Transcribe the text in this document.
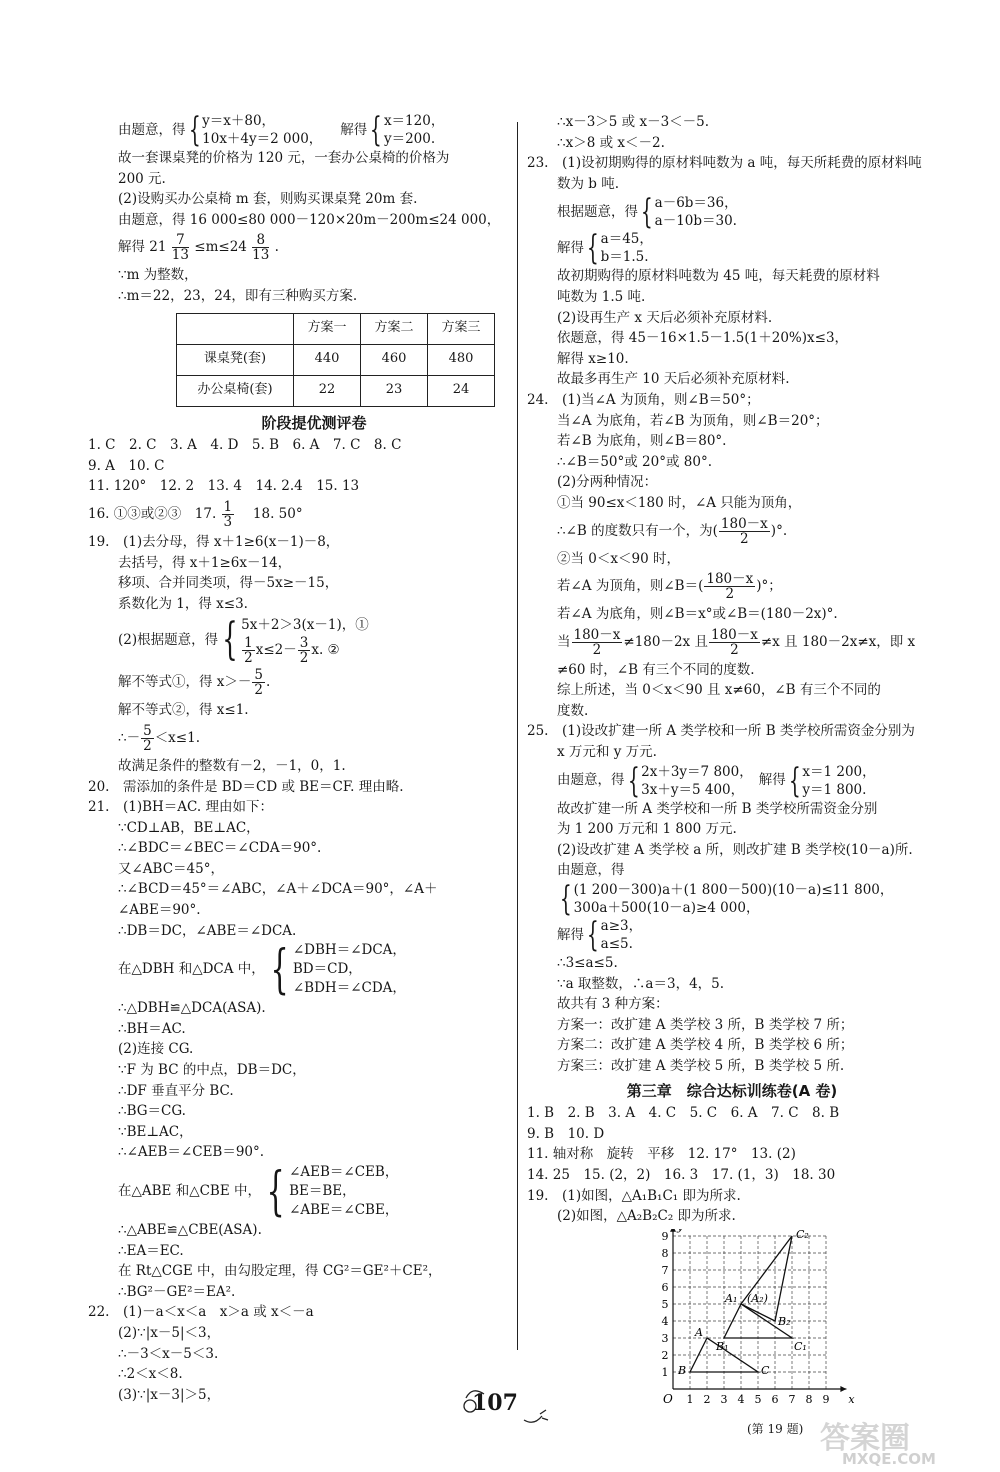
由题意，得 { y＝x＋80，
10x＋4y＝2 000，
解得 { x＝120，
y＝200.
故一套课桌凳的价格为 120 元，一套办公桌椅的价格为
200 元.
(2)设购买办公桌椅 m 套，则购买课桌凳 20m 套.
由题意，得 16 000≤80 000－120×20m－200m≤24 000，
解得 $21 \frac{7}{13} \le m\le 24 \frac{8}{13}$ .
∵m 为整数，
∴m＝22，23，24，即有三种购买方案.
	方案一	方案二	方案三
课桌凳(套)	440	460	480
办公桌椅(套)	22	23	24
阶段提优测评卷
1. C　2. C　3. A　4. D　5. B　6. A　7. C　8. C
9. A　10. C
11. 120°　12. 2　13. 4　14. 2.4　15. 13
16. ①③或②③　17. $\frac{1}{3}$ 　18. 50°
19.　(1)去分母，得 x＋1≥6(x－1)－8，
去括号，得 x＋1≥6x－14，
移项、合并同类项，得－5x≥－15，
系数化为 1，得 x≤3.
(2)根据题意，得 { 5x＋2＞3(x－1)，①
$\frac{1}{2} x\le 2- \frac{3}{2} x$. ②
解不等式①，得 $x>- \frac{5}{2}$ .
解不等式②，得 x≤1.
∴－ $\frac{5}{2} <x\le 1$.
故满足条件的整数有－2，－1，0，1.
20.　需添加的条件是 BD＝CD 或 BE＝CF. 理由略.
21.　(1)BH＝AC. 理由如下：
∵CD⊥AB，BE⊥AC，
∴∠BDC＝∠BEC＝∠CDA＝90°.
又∠ABC＝45°，
∴∠BCD＝45°＝∠ABC，∠A＋∠DCA＝90°，∠A＋
∠ABE＝90°.
∴DB＝DC，∠ABE＝∠DCA.
在△DBH 和△DCA 中， { ∠DBH＝∠DCA，
BD＝CD，
∠BDH＝∠CDA，
∴△DBH≌△DCA(ASA).
∴BH＝AC.
(2)连接 CG.
∵F 为 BC 的中点，DB＝DC，
∴DF 垂直平分 BC.
∴BG＝CG.
∵BE⊥AC，
∴∠AEB＝∠CEB＝90°.
在△ABE 和△CBE 中， { ∠AEB＝∠CEB，
BE＝BE，
∠ABE＝∠CBE，
∴△ABE≌△CBE(ASA).
∴EA＝EC.
在 Rt△CGE 中，由勾股定理，得 CG²＝GE²＋CE²，
∴BG²－GE²＝EA².
22.　(1)－a＜x＜a　x＞a 或 x＜－a
(2)∵|x－5|＜3，
∴－3＜x－5＜3.
∴2＜x＜8.
(3)∵|x－3|＞5，
∴x－3＞5 或 x－3＜－5.
∴x＞8 或 x＜－2.
23.　(1)设初期购得的原材料吨数为 a 吨，每天所耗费的原材料吨
数为 b 吨.
根据题意，得 { a－6b＝36，
a－10b＝30.
解得 { a＝45，
b＝1.5.
故初期购得的原材料吨数为 45 吨，每天耗费的原材料
吨数为 1.5 吨.
(2)设再生产 x 天后必须补充原材料.
依题意，得 45－16×1.5－1.5(1＋20%)x≤3，
解得 x≥10.
故最多再生产 10 天后必须补充原材料.
24.　(1)当∠A 为顶角，则∠B＝50°；
当∠A 为底角，若∠B 为顶角，则∠B＝20°；
若∠B 为底角，则∠B＝80°.
∴∠B＝50°或 20°或 80°.
(2)分两种情况：
①当 90≤x＜180 时，∠A 只能为顶角，
∴∠B 的度数只有一个，为( $\frac{180-x}{2}$ )°.
②当 0＜x＜90 时，
若∠A 为顶角，则∠B＝( $\frac{180-x}{2}$ )°；
若∠A 为底角，则∠B＝x°或∠B＝(180－2x)°.
当 $\frac{180-x}{2} \ne 180-2x$ 且 $\frac{180-x}{2} \ne x$ 且 180－2x≠x，即 x
≠60 时，∠B 有三个不同的度数.
综上所述，当 0＜x＜90 且 x≠60，∠B 有三个不同的
度数.
25.　(1)设改扩建一所 A 类学校和一所 B 类学校所需资金分别为
x 万元和 y 万元.
由题意，得 { 2x＋3y＝7 800，
3x＋y＝5 400，
解得 { x＝1 200，
y＝1 800.
故改扩建一所 A 类学校和一所 B 类学校所需资金分别
为 1 200 万元和 1 800 万元.
(2)设改扩建 A 类学校 a 所，则改扩建 B 类学校(10－a)所.
由题意，得
{ (1 200－300)a＋(1 800－500)(10－a)≤11 800，
300a＋500(10－a)≥4 000，
解得 { a≥3，
a≤5.
∴3≤a≤5.
∵a 取整数，∴a＝3，4，5.
故共有 3 种方案：
方案一：改扩建 A 类学校 3 所，B 类学校 7 所；
方案二：改扩建 A 类学校 4 所，B 类学校 6 所；
方案三：改扩建 A 类学校 5 所，B 类学校 5 所.
第三章　综合达标训练卷(A 卷)
1. B　2. B　3. A　4. C　5. C　6. A　7. C　8. B
9. B　10. D
11. 轴对称　旋转　平移　12. 17°　13. (2)
14. 25　15. (2，2)　16. 3　17. (1，3)　18. 30
19.　(1)如图，△A₁B₁C₁ 即为所求.
(2)如图，△A₂B₂C₂ 即为所求.
1 2 3 4 5 6 7 8 9
1
2
3
4
5
6
7
8
9
O	x
A
B	C
A₁
B₁	C₁
(A₂)
B₂
C₂
(第 19 题)
107
答案圈
MXQE.COM
